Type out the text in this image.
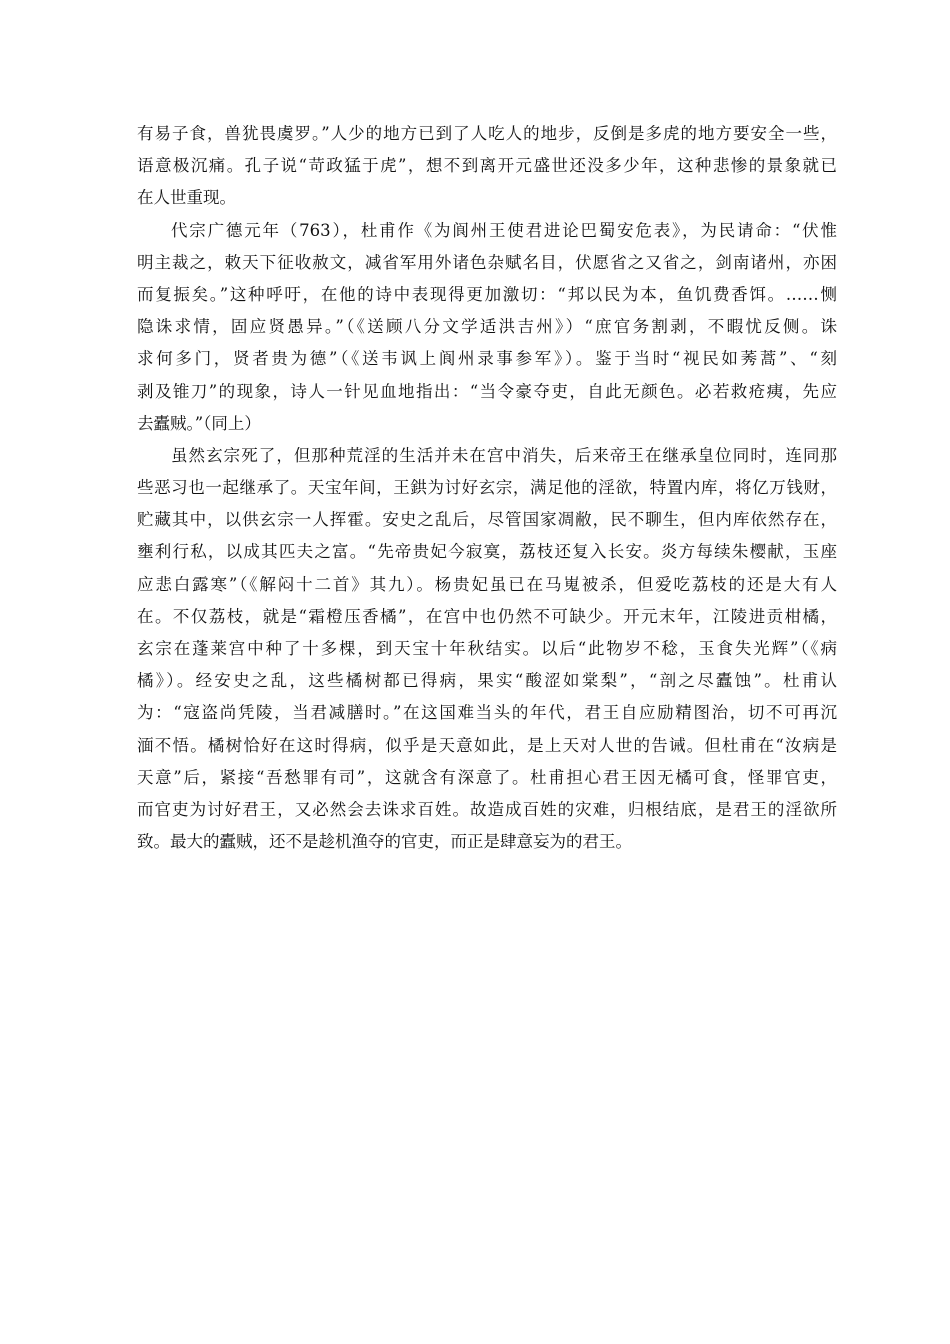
有易子食，兽犹畏虞罗。”人少的地方已到了人吃人的地步，反倒是多虎的地方要安全一些，
语意极沉痛。孔子说“苛政猛于虎”，想不到离开元盛世还没多少年，这种悲惨的景象就已
在人世重现。
代宗广德元年（763），杜甫作《为阆州王使君进论巴蜀安危表》，为民请命：“伏惟
明主裁之，敕天下征收赦文，减省军用外诸色杂赋名目，伏愿省之又省之，剑南诸州，亦困
而复振矣。”这种呼吁，在他的诗中表现得更加激切：“邦以民为本，鱼饥费香饵。……恻
隐诛求情，固应贤愚异。”（《送顾八分文学适洪吉州》）“庶官务割剥，不暇忧反侧。诛
求何多门，贤者贵为德”（《送韦讽上阆州录事参军》）。鉴于当时“视民如莠蒿”、“刻
剥及锥刀”的现象，诗人一针见血地指出：“当令豪夺吏，自此无颜色。必若救疮痍，先应
去蠹贼。”（同上）
虽然玄宗死了，但那种荒淫的生活并未在宫中消失，后来帝王在继承皇位同时，连同那
些恶习也一起继承了。天宝年间，王鉷为讨好玄宗，满足他的淫欲，特置内库，将亿万钱财，
贮藏其中，以供玄宗一人挥霍。安史之乱后，尽管国家凋敝，民不聊生，但内库依然存在，
壅利行私，以成其匹夫之富。“先帝贵妃今寂寞，荔枝还复入长安。炎方每续朱樱献，玉座
应悲白露寒”（《解闷十二首》其九）。杨贵妃虽已在马嵬被杀，但爱吃荔枝的还是大有人
在。不仅荔枝，就是“霜橙压香橘”，在宫中也仍然不可缺少。开元末年，江陵进贡柑橘，
玄宗在蓬莱宫中种了十多棵，到天宝十年秋结实。以后“此物岁不稔，玉食失光辉”（《病
橘》）。经安史之乱，这些橘树都已得病，果实“酸涩如棠梨”，“剖之尽蠹蚀”。杜甫认
为：“寇盗尚凭陵，当君减膳时。”在这国难当头的年代，君王自应励精图治，切不可再沉
湎不悟。橘树恰好在这时得病，似乎是天意如此，是上天对人世的告诫。但杜甫在“汝病是
天意”后，紧接“吾愁罪有司”，这就含有深意了。杜甫担心君王因无橘可食，怪罪官吏，
而官吏为讨好君王，又必然会去诛求百姓。故造成百姓的灾难，归根结底，是君王的淫欲所
致。最大的蠹贼，还不是趁机渔夺的官吏，而正是肆意妄为的君王。
